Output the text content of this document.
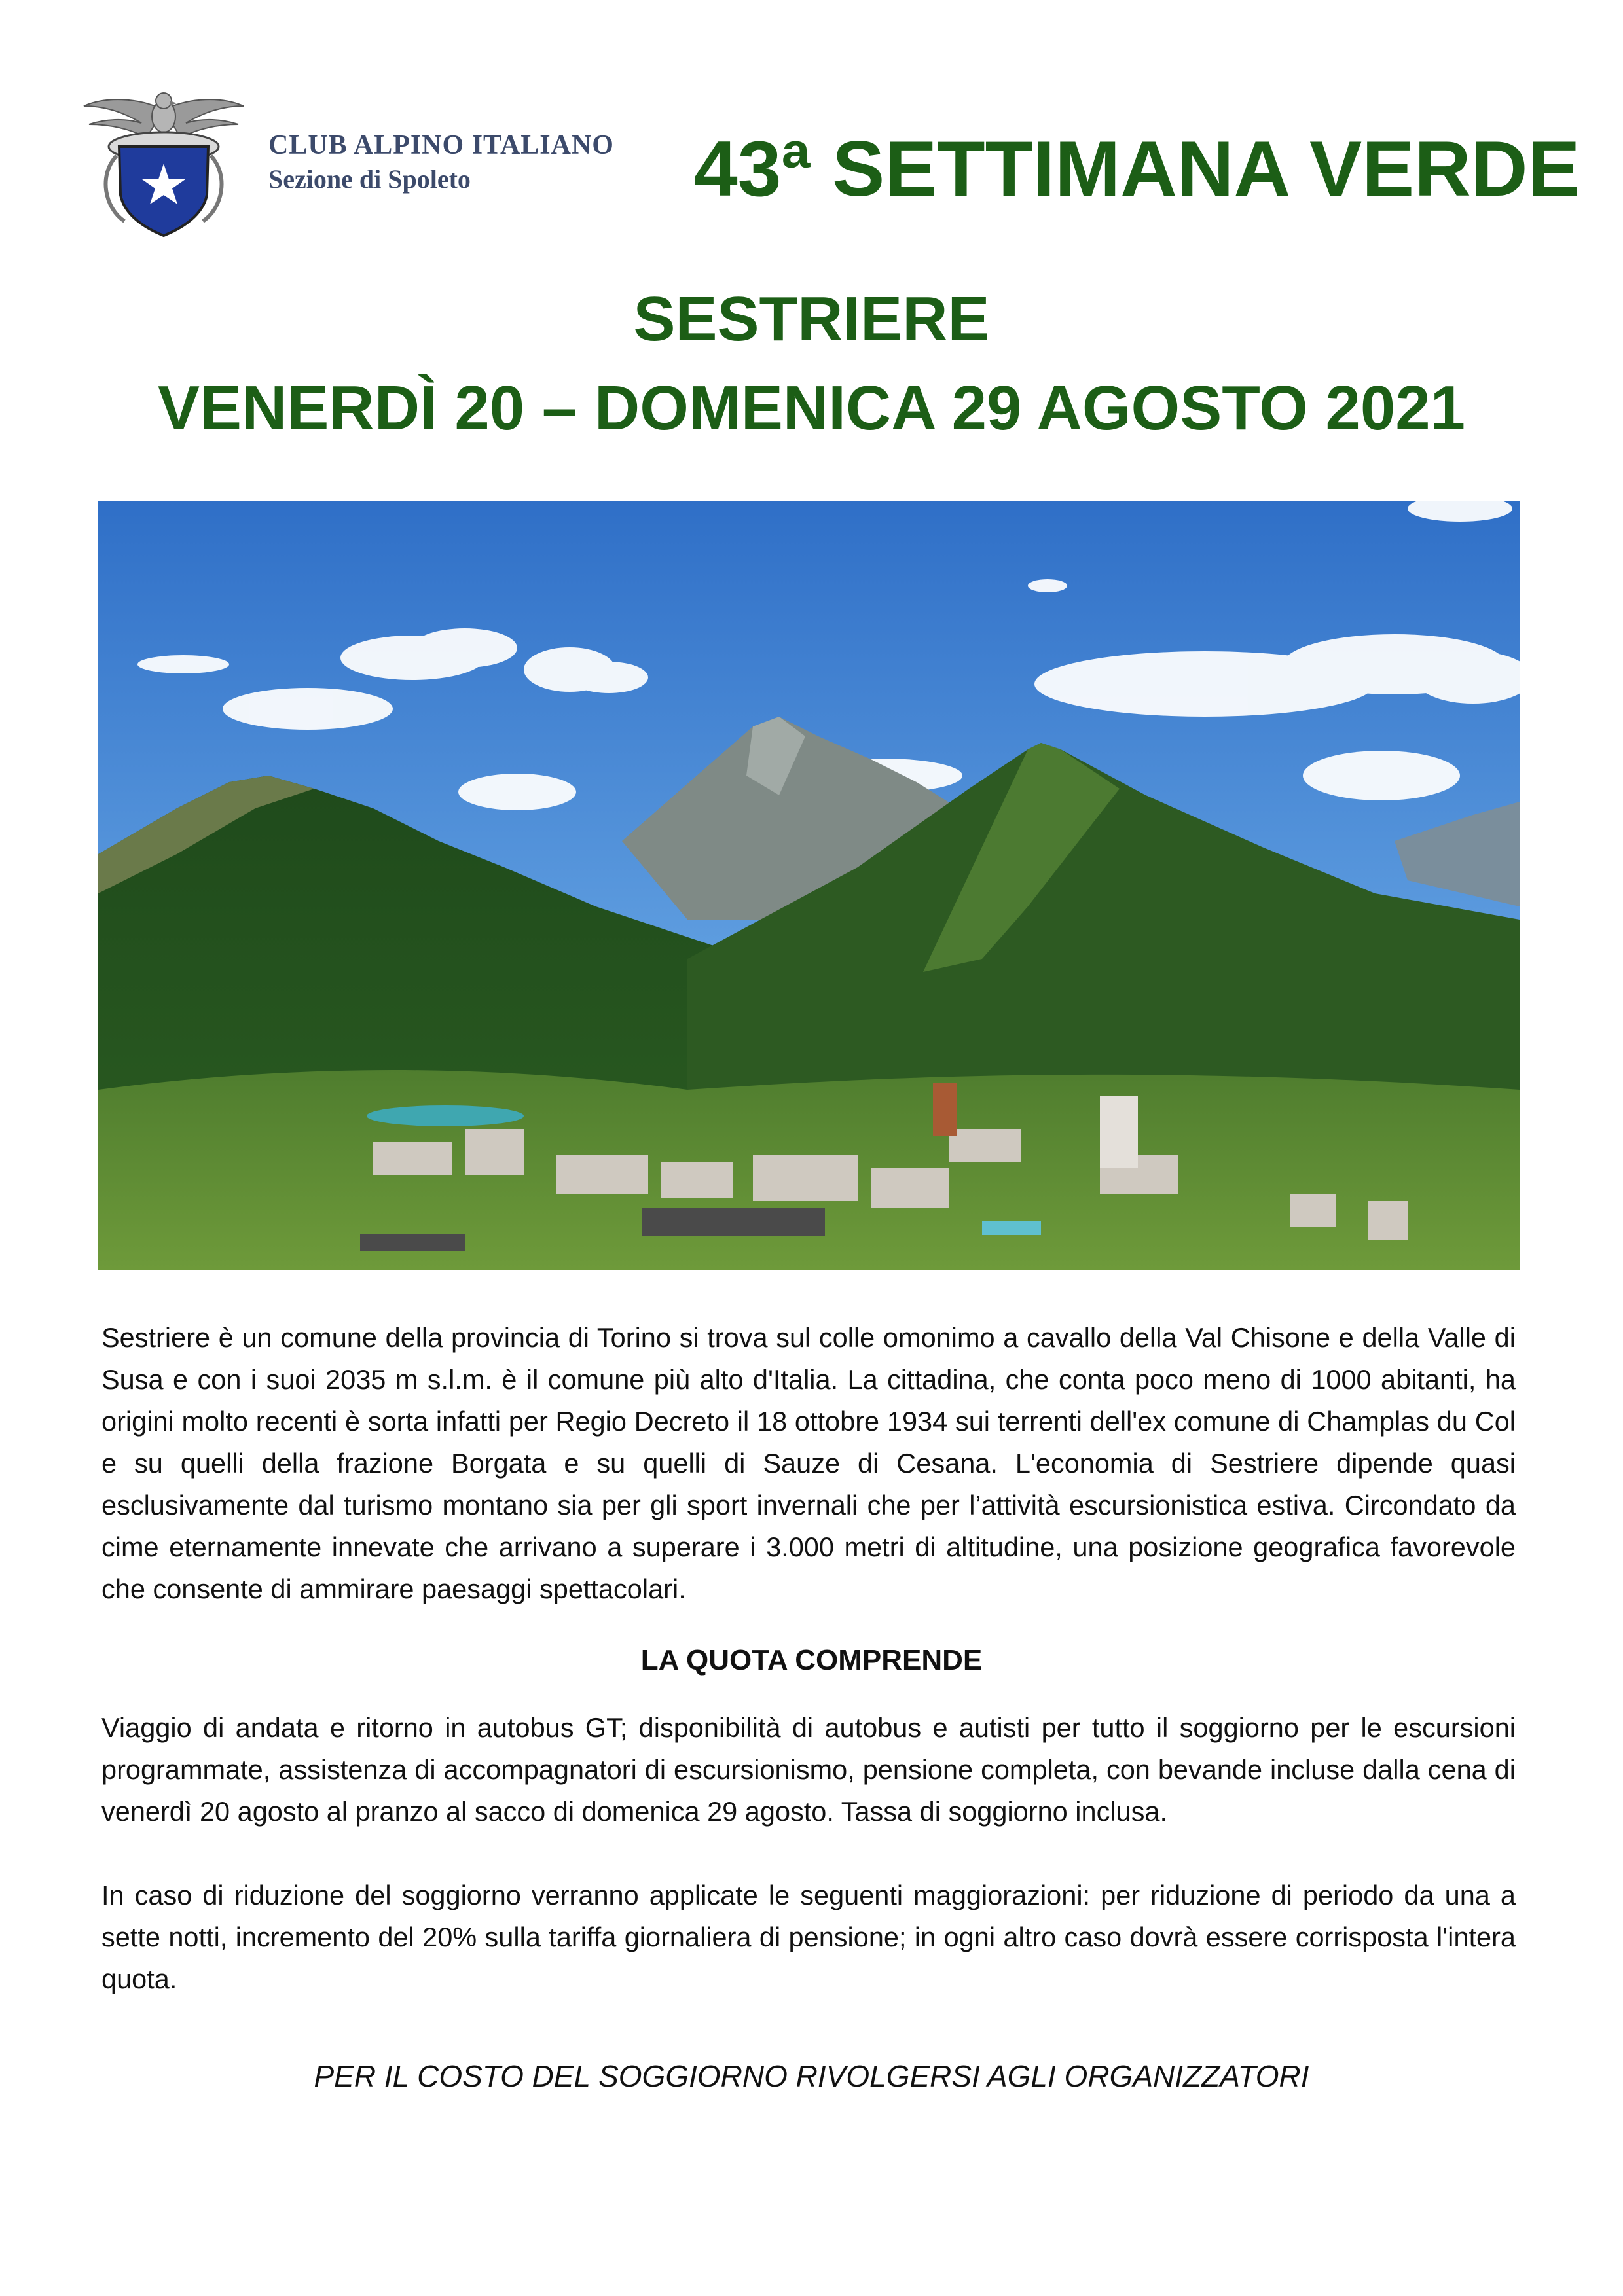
CLUB ALPINO ITALIANO
Sezione di Spoleto	43ª SETTIMANA VERDE
SESTRIERE
VENERDÌ 20 – DOMENICA 29 AGOSTO 2021

Sestriere è un comune della provincia di Torino si trova sul colle omonimo a cavallo della Val Chisone e della Valle di Susa e con i suoi 2035 m s.l.m. è il comune più alto d'Italia. La cittadina, che conta poco meno di 1000 abitanti, ha origini molto recenti è sorta infatti per Regio Decreto il 18 ottobre 1934 sui terrenti dell'ex comune di Champlas du Col e su quelli della frazione Borgata e su quelli di Sauze di Cesana. L'economia di Sestriere dipende quasi esclusivamente dal turismo montano sia per gli sport invernali che per l’attività escursionistica estiva. Circondato da cime eternamente innevate che arrivano a superare i 3.000 metri di altitudine, una posizione geografica favorevole che consente di ammirare paesaggi spettacolari.

LA QUOTA COMPRENDE

Viaggio di andata e ritorno in autobus GT; disponibilità di autobus e autisti per tutto il soggiorno per le escursioni programmate, assistenza di accompagnatori di escursionismo, pensione completa, con bevande incluse dalla cena di venerdì 20 agosto al pranzo al sacco di domenica 29 agosto. Tassa di soggiorno inclusa.

In caso di riduzione del soggiorno verranno applicate le seguenti maggiorazioni: per riduzione di periodo da una a sette notti, incremento del 20% sulla tariffa giornaliera di pensione; in ogni altro caso dovrà essere corrisposta l'intera quota.

PER IL COSTO DEL SOGGIORNO RIVOLGERSI AGLI ORGANIZZATORI
